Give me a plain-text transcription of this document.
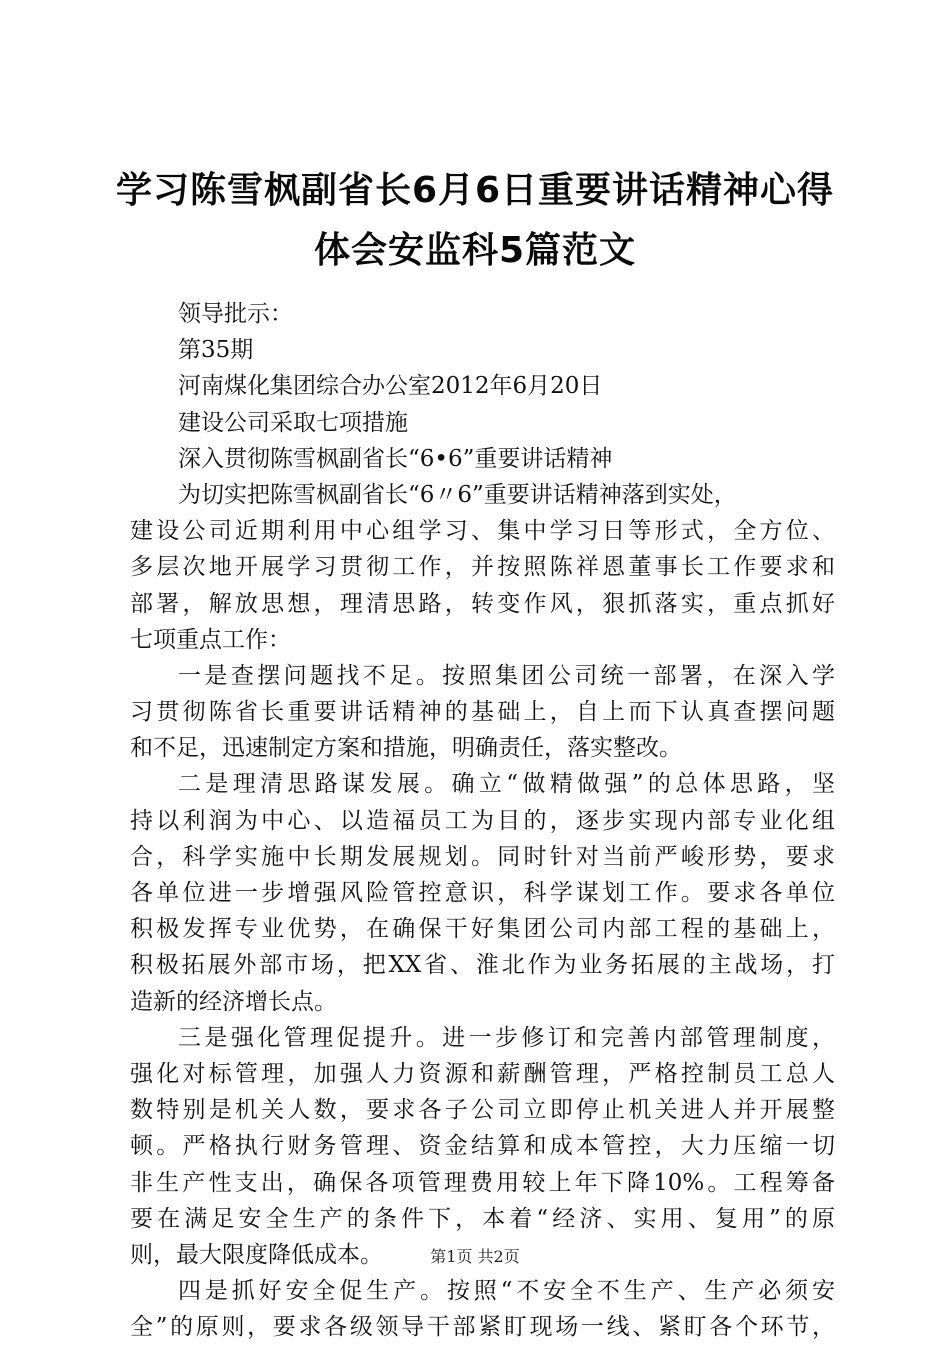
学习陈雪枫副省长6月6日重要讲话精神心得
体会安监科5篇范文
领导批示：
第35期
河南煤化集团综合办公室2012年6月20日
建设公司采取七项措施
深入贯彻陈雪枫副省长“6•6”重要讲话精神
为切实把陈雪枫副省长“6〃6”重要讲话精神落到实处，
建设公司近期利用中心组学习、集中学习日等形式，全方位、
多层次地开展学习贯彻工作，并按照陈祥恩董事长工作要求和
部署，解放思想，理清思路，转变作风，狠抓落实，重点抓好
七项重点工作：
一是查摆问题找不足。按照集团公司统一部署，在深入学
习贯彻陈省长重要讲话精神的基础上，自上而下认真查摆问题
和不足，迅速制定方案和措施，明确责任，落实整改。
二是理清思路谋发展。确立“做精做强”的总体思路，坚
持以利润为中心、以造福员工为目的，逐步实现内部专业化组
合，科学实施中长期发展规划。同时针对当前严峻形势，要求
各单位进一步增强风险管控意识，科学谋划工作。要求各单位
积极发挥专业优势，在确保干好集团公司内部工程的基础上，
积极拓展外部市场，把XX省、淮北作为业务拓展的主战场，打
造新的经济增长点。
三是强化管理促提升。进一步修订和完善内部管理制度，
强化对标管理，加强人力资源和薪酬管理，严格控制员工总人
数特别是机关人数，要求各子公司立即停止机关进人并开展整
顿。严格执行财务管理、资金结算和成本管控，大力压缩一切
非生产性支出，确保各项管理费用较上年下降10%。工程筹备
要在满足安全生产的条件下，本着“经济、实用、复用”的原
则，最大限度降低成本。
四是抓好安全促生产。按照“不安全不生产、生产必须安
全”的原则，要求各级领导干部紧盯现场一线、紧盯各个环节，
第1页 共2页
